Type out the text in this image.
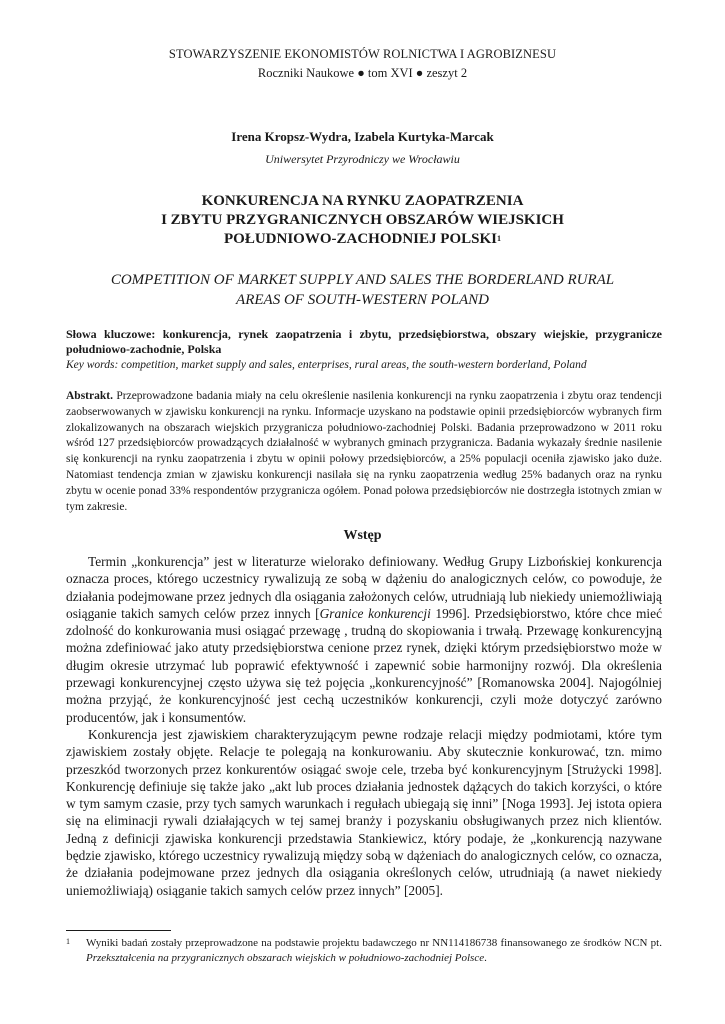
STOWARZYSZENIE EKONOMISTÓW ROLNICTWA I AGROBIZNESU
Roczniki Naukowe ● tom XVI ● zeszyt 2
Irena Kropsz-Wydra, Izabela Kurtyka-Marcak
Uniwersytet Przyrodniczy we Wrocławiu
KONKURENCJA NA RYNKU ZAOPATRZENIA
I ZBYTU PRZYGRANICZNYCH OBSZARÓW WIEJSKICH
POŁUDNIOWO-ZACHODNIEJ POLSKI$^1$
COMPETITION OF MARKET SUPPLY AND SALES THE BORDERLAND RURAL
AREAS OF SOUTH-WESTERN POLAND
Słowa kluczowe: konkurencja, rynek zaopatrzenia i zbytu, przedsiębiorstwa, obszary wiejskie, przygranicze południowo-zachodnie, Polska
Key words: competition, market supply and sales, enterprises, rural areas, the south-western borderland, Poland
Abstrakt. Przeprowadzone badania miały na celu określenie nasilenia konkurencji na rynku zaopatrzenia i zbytu oraz tendencji zaobserwowanych w zjawisku konkurencji na rynku. Informacje uzyskano na podstawie opinii przedsiębiorców wybranych firm zlokalizowanych na obszarach wiejskich przygranicza południowo-zachodniej Polski. Badania przeprowadzono w 2011 roku wśród 127 przedsiębiorców prowadzących działalność w wybranych gminach przygranicza. Badania wykazały średnie nasilenie się konkurencji na rynku zaopatrzenia i zbytu w opinii połowy przedsiębiorców, a 25% populacji oceniła zjawisko jako duże. Natomiast tendencja zmian w zjawisku konkurencji nasilała się na rynku zaopatrzenia według 25% badanych oraz na rynku zbytu w ocenie ponad 33% respondentów przygranicza ogółem. Ponad połowa przedsiębiorców nie dostrzegła istotnych zmian w tym zakresie.
Wstęp

Termin „konkurencja” jest w literaturze wielorako definiowany. Według Grupy Lizbońskiej konkurencja oznacza proces, którego uczestnicy rywalizują ze sobą w dążeniu do analogicznych celów, co powoduje, że działania podejmowane przez jednych dla osiągania założonych celów, utrudniają lub niekiedy uniemożliwiają osiąganie takich samych celów przez innych [Granice konkurencji 1996]. Przedsiębiorstwo, które chce mieć zdolność do konkurowania musi osiągać przewagę , trudną do skopiowania i trwałą. Przewagę konkurencyjną można zdefiniować jako atuty przedsiębiorstwa cenione przez rynek, dzięki którym przedsiębiorstwo może w długim okresie utrzymać lub poprawić efektywność i zapewnić sobie harmonijny rozwój. Dla określenia przewagi konkurencyjnej często używa się też pojęcia „konkurencyjność” [Romanowska 2004]. Najogólniej można przyjąć, że konkurencyjność jest cechą uczestników konkurencji, czyli może dotyczyć zarówno producentów, jak i konsumentów.

Konkurencja jest zjawiskiem charakteryzującym pewne rodzaje relacji między podmiotami, które tym zjawiskiem zostały objęte. Relacje te polegają na konkurowaniu. Aby skutecznie konkurować, tzn. mimo przeszkód tworzonych przez konkurentów osiągać swoje cele, trzeba być konkurencyjnym [Strużycki 1998]. Konkurencję definiuje się także jako „akt lub proces działania jednostek dążących do takich korzyści, o które w tym samym czasie, przy tych samych warunkach i regułach ubiegają się inni” [Noga 1993]. Jej istota opiera się na eliminacji rywali działających w tej samej branży i pozyskaniu obsługiwanych przez nich klientów. Jedną z definicji zjawiska konkurencji przedstawia Stankiewicz, który podaje, że „konkurencją nazywane będzie zjawisko, którego uczestnicy rywalizują między sobą w dążeniach do analogicznych celów, co oznacza, że działania podejmowane przez jednych dla osiągania określonych celów, utrudniają (a nawet niekiedy uniemożliwiają) osiąganie takich samych celów przez innych” [2005].

1 Wyniki badań zostały przeprowadzone na podstawie projektu badawczego nr NN114186738 finansowanego ze środków NCN pt. Przekształcenia na przygranicznych obszarach wiejskich w południowo-zachodniej Polsce.
